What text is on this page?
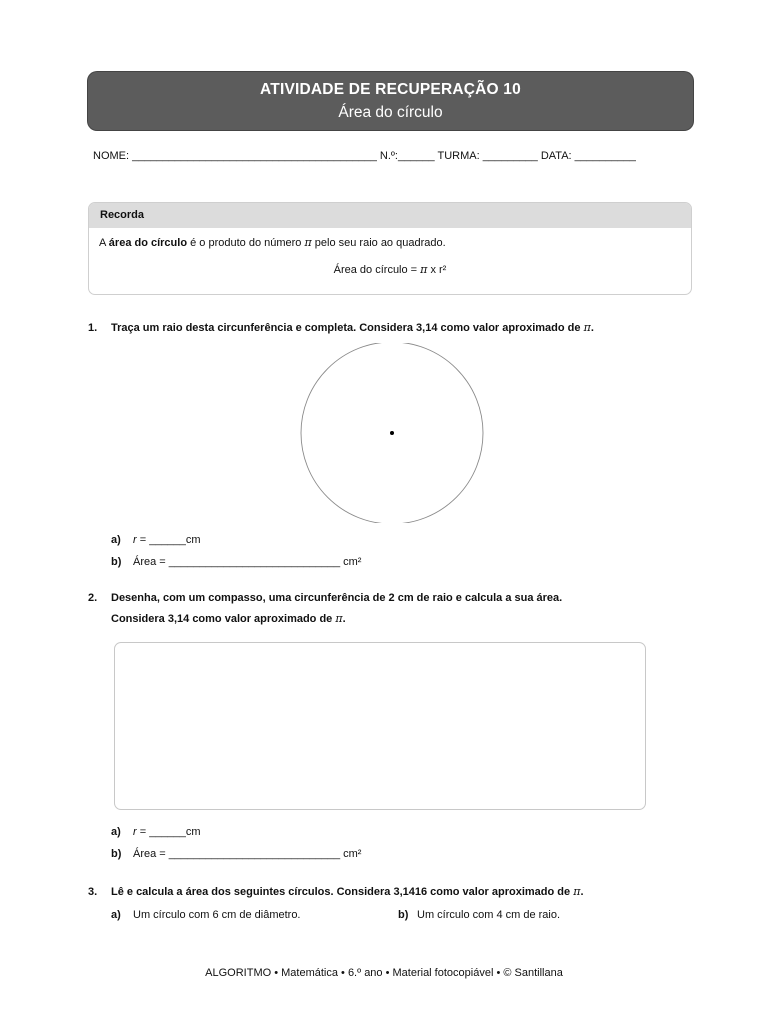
ATIVIDADE DE RECUPERAÇÃO 10
Área do círculo
NOME: ________________________________________ N.º:______ TURMA: _________ DATA: __________
Recorda
A área do círculo é o produto do número π pelo seu raio ao quadrado.
Área do círculo = π x r²
1. Traça um raio desta circunferência e completa. Considera 3,14 como valor aproximado de π.
a) r = ______cm
b) Área = ____________________________ cm²
2. Desenha, com um compasso, uma circunferência de 2 cm de raio e calcula a sua área.
Considera 3,14 como valor aproximado de π.
a) r = ______cm
b) Área = ____________________________ cm²
3. Lê e calcula a área dos seguintes círculos. Considera 3,1416 como valor aproximado de π.
a) Um círculo com 6 cm de diâmetro.	b) Um círculo com 4 cm de raio.
ALGORITMO • Matemática • 6.º ano • Material fotocopiável • © Santillana
